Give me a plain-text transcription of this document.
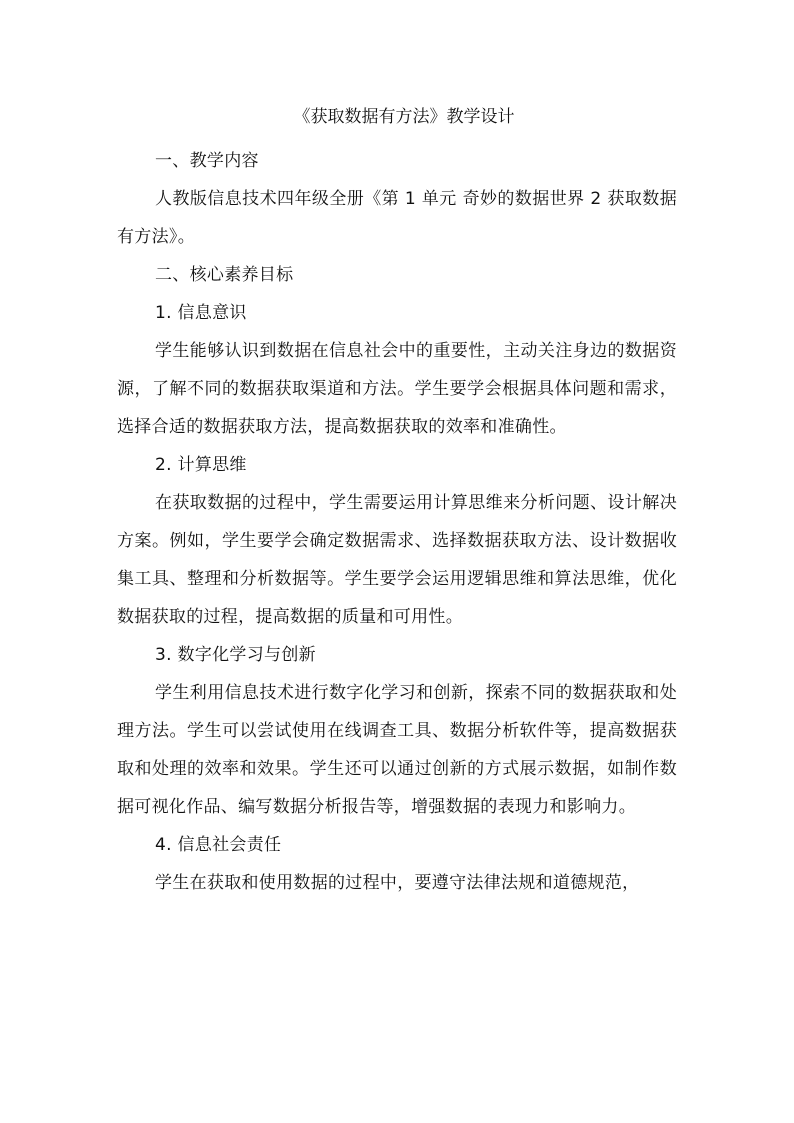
《获取数据有方法》教学设计

一、教学内容

人教版信息技术四年级全册《第 1 单元 奇妙的数据世界 2 获取数据有方法》。

二、核心素养目标

1. 信息意识

学生能够认识到数据在信息社会中的重要性，主动关注身边的数据资源，了解不同的数据获取渠道和方法。学生要学会根据具体问题和需求，选择合适的数据获取方法，提高数据获取的效率和准确性。

2. 计算思维

在获取数据的过程中，学生需要运用计算思维来分析问题、设计解决方案。例如，学生要学会确定数据需求、选择数据获取方法、设计数据收集工具、整理和分析数据等。学生要学会运用逻辑思维和算法思维，优化数据获取的过程，提高数据的质量和可用性。

3. 数字化学习与创新

学生利用信息技术进行数字化学习和创新，探索不同的数据获取和处理方法。学生可以尝试使用在线调查工具、数据分析软件等，提高数据获取和处理的效率和效果。学生还可以通过创新的方式展示数据，如制作数据可视化作品、编写数据分析报告等，增强数据的表现力和影响力。

4. 信息社会责任

学生在获取和使用数据的过程中，要遵守法律法规和道德规范，
